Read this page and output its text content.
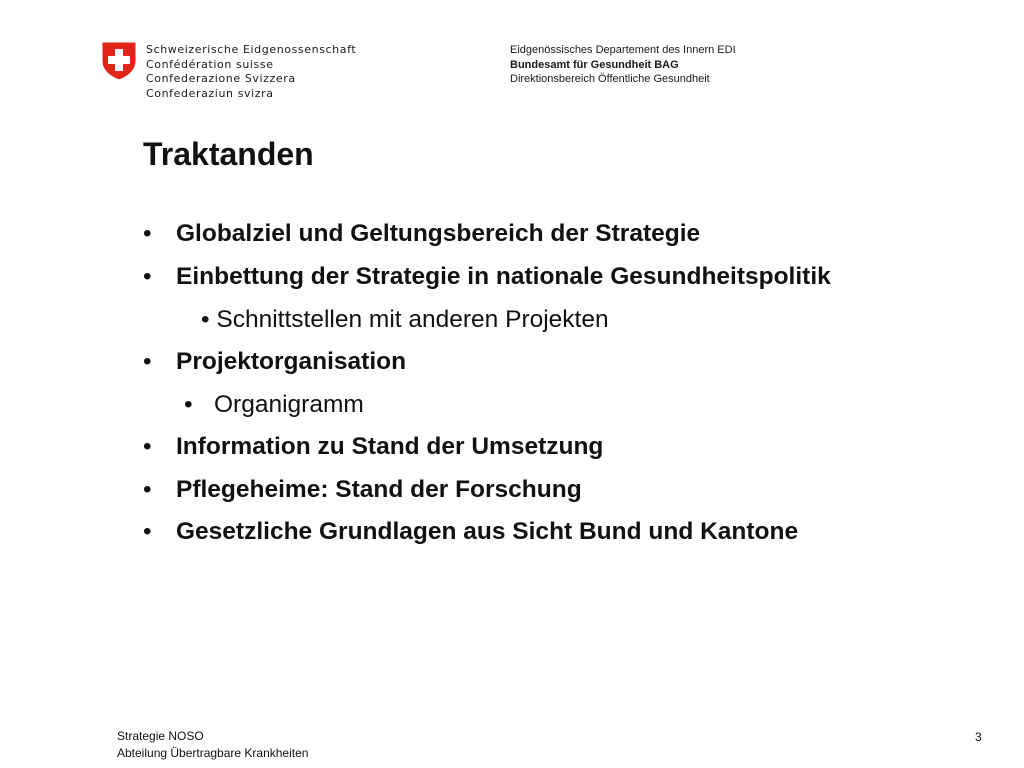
Schweizerische Eidgenossenschaft
Confédération suisse
Confederazione Svizzera
Confederaziun svizra
Eidgenössisches Departement des Innern EDI
Bundesamt für Gesundheit BAG
Direktionsbereich Öffentliche Gesundheit
Traktanden
• Globalziel und Geltungsbereich der Strategie
• Einbettung der Strategie in nationale Gesundheitspolitik
• Schnittstellen mit anderen Projekten
• Projektorganisation
• Organigramm
• Information zu Stand der Umsetzung
• Pflegeheime: Stand der Forschung
• Gesetzliche Grundlagen aus Sicht Bund und Kantone
Strategie NOSO
Abteilung Übertragbare Krankheiten
3
